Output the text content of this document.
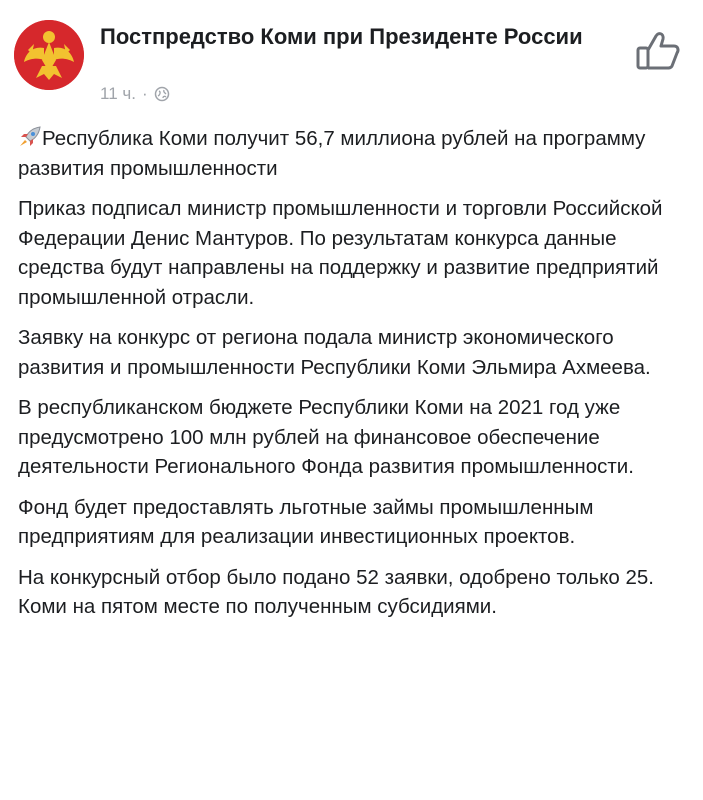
Постпредство Коми при Президенте России
11 ч. ·

Республика Коми получит 56,7 миллиона рублей на программу развития промышленности

Приказ подписал министр промышленности и торговли Российской Федерации Денис Мантуров. По результатам конкурса данные средства будут направлены на поддержку и развитие предприятий промышленной отрасли.

Заявку на конкурс от региона подала министр экономического развития и промышленности Республики Коми Эльмира Ахмеева.

В республиканском бюджете Республики Коми на 2021 год уже предусмотрено 100 млн рублей на финансовое обеспечение деятельности Регионального Фонда развития промышленности.

Фонд будет предоставлять льготные займы промышленным предприятиям для реализации инвестиционных проектов.

На конкурсный отбор было подано 52 заявки, одобрено только 25. Коми на пятом месте по полученным субсидиями.
